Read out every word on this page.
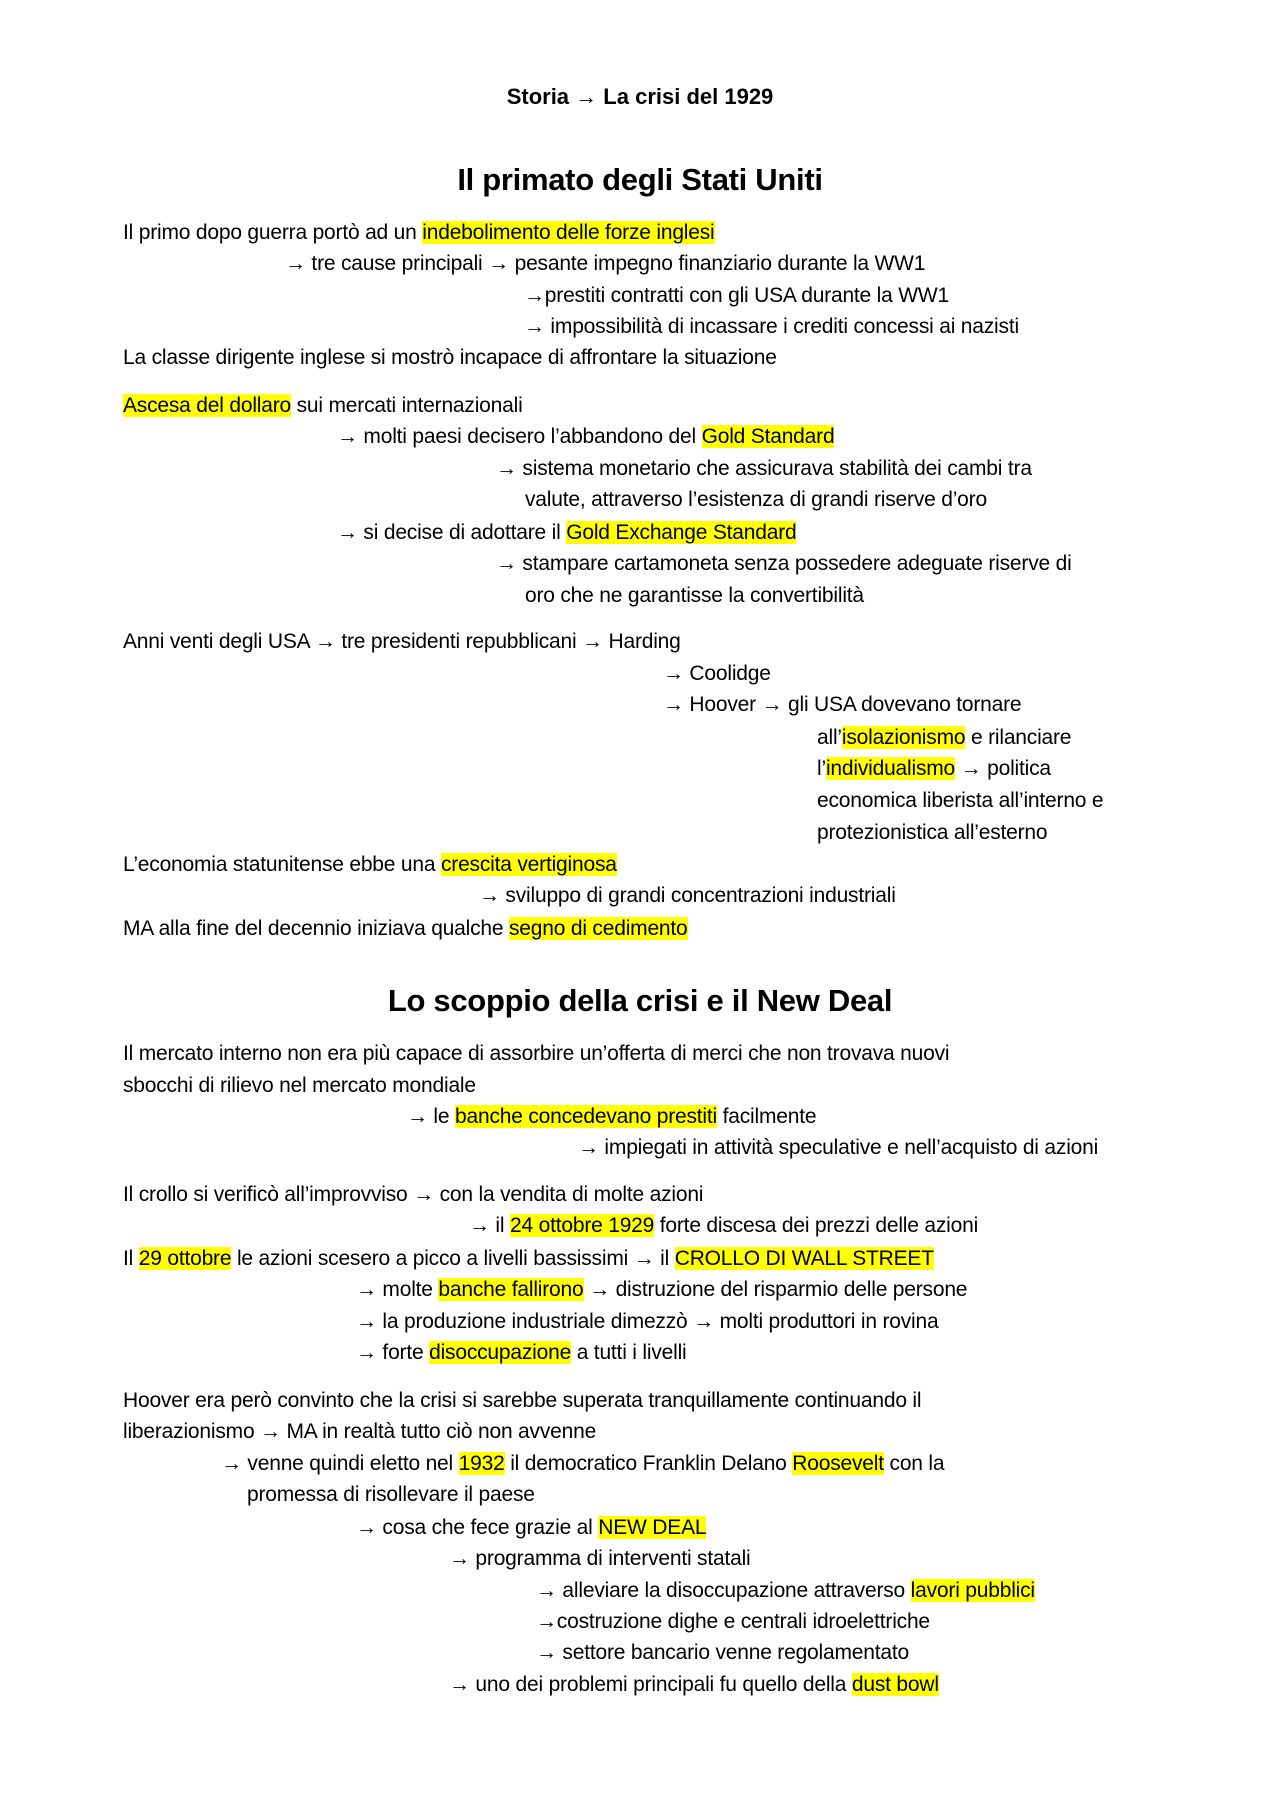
Storia → La crisi del 1929
Il primato degli Stati Uniti
Il primo dopo guerra portò ad un indebolimento delle forze inglesi
→ tre cause principali → pesante impegno finanziario durante la WW1
→prestiti contratti con gli USA durante la WW1
→ impossibilità di incassare i crediti concessi ai nazisti
La classe dirigente inglese si mostrò incapace di affrontare la situazione
Ascesa del dollaro sui mercati internazionali
→ molti paesi decisero l’abbandono del Gold Standard
→ sistema monetario che assicurava stabilità dei cambi tra
valute, attraverso l’esistenza di grandi riserve d’oro
→ si decise di adottare il Gold Exchange Standard
→ stampare cartamoneta senza possedere adeguate riserve di
oro che ne garantisse la convertibilità
Anni venti degli USA → tre presidenti repubblicani → Harding
→ Coolidge
→ Hoover → gli USA dovevano tornare
all’isolazionismo e rilanciare
l’individualismo → politica
economica liberista all’interno e
protezionistica all’esterno
L’economia statunitense ebbe una crescita vertiginosa
→ sviluppo di grandi concentrazioni industriali
MA alla fine del decennio iniziava qualche segno di cedimento
Lo scoppio della crisi e il New Deal
Il mercato interno non era più capace di assorbire un’offerta di merci che non trovava nuovi
sbocchi di rilievo nel mercato mondiale
→ le banche concedevano prestiti facilmente
→ impiegati in attività speculative e nell’acquisto di azioni
Il crollo si verificò all’improvviso → con la vendita di molte azioni
→ il 24 ottobre 1929 forte discesa dei prezzi delle azioni
Il 29 ottobre le azioni scesero a picco a livelli bassissimi → il CROLLO DI WALL STREET
→ molte banche fallirono → distruzione del risparmio delle persone
→ la produzione industriale dimezzò → molti produttori in rovina
→ forte disoccupazione a tutti i livelli
Hoover era però convinto che la crisi si sarebbe superata tranquillamente continuando il
liberazionismo → MA in realtà tutto ciò non avvenne
→ venne quindi eletto nel 1932 il democratico Franklin Delano Roosevelt con la
promessa di risollevare il paese
→ cosa che fece grazie al NEW DEAL
→ programma di interventi statali
→ alleviare la disoccupazione attraverso lavori pubblici
→costruzione dighe e centrali idroelettriche
→ settore bancario venne regolamentato
→ uno dei problemi principali fu quello della dust bowl
